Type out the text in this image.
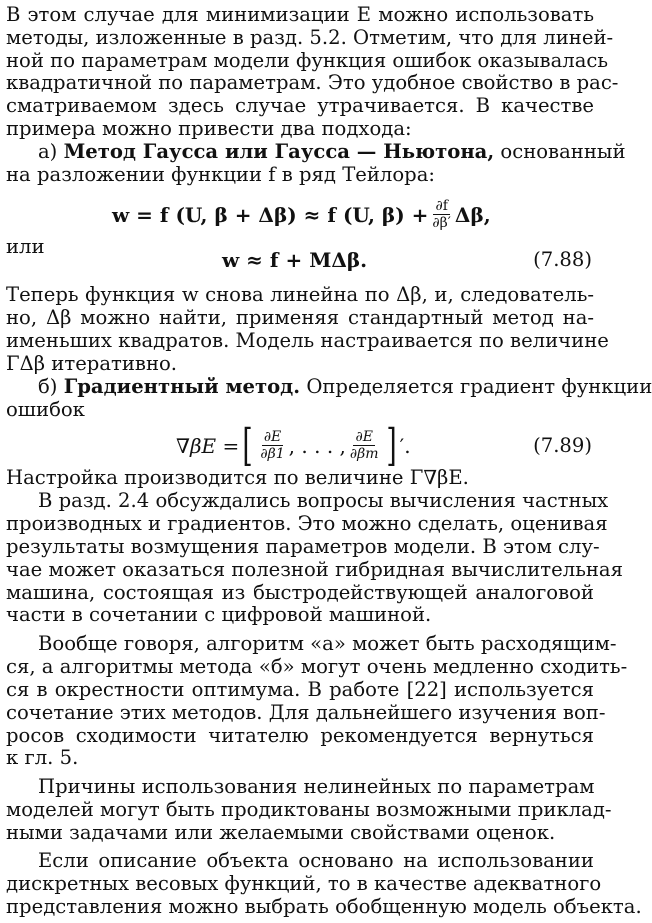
В этом случае для минимизации E можно использовать
методы, изложенные в разд. 5.2. Отметим, что для линей-
ной по параметрам модели функция ошибок оказывалась
квадратичной по параметрам. Это удобное свойство в рас-
сматриваемом здесь случае утрачивается. В качестве
примера можно привести два подхода:
а) Метод Гаусса или Гаусса — Ньютона, основанный
на разложении функции f в ряд Тейлора:
w = f (U, β + Δβ) ≈ f (U, $\beta) + \frac{\partial f}{\partial\beta'} \Delta\beta$,
или
w ≈ f + MΔβ.	(7.88)
Теперь функция w снова линейна по Δβ, и, следователь-
но, Δβ можно найти, применяя стандартный метод на-
именьших квадратов. Модель настраивается по величине
ΓΔβ итеративно.
б) Градиентный метод. Определяется градиент функции
ошибок
∇βE = [ $\frac{\partial E}{\partial\beta 1}$ , . . . , $\frac{\partial E}{\partial\beta m}$ ] ′.	(7.89)
Настройка производится по величине Γ∇βE.
В разд. 2.4 обсуждались вопросы вычисления частных
производных и градиентов. Это можно сделать, оценивая
результаты возмущения параметров модели. В этом слу-
чае может оказаться полезной гибридная вычислительная
машина, состоящая из быстродействующей аналоговой
части в сочетании с цифровой машиной.
Вообще говоря, алгоритм «а» может быть расходящим-
ся, а алгоритмы метода «б» могут очень медленно сходить-
ся в окрестности оптимума. В работе [22] используется
сочетание этих методов. Для дальнейшего изучения воп-
росов сходимости читателю рекомендуется вернуться
к гл. 5.
Причины использования нелинейных по параметрам
моделей могут быть продиктованы возможными приклад-
ными задачами или желаемыми свойствами оценок.
Если описание объекта основано на использовании
дискретных весовых функций, то в качестве адекватного
представления можно выбрать обобщенную модель объекта.
